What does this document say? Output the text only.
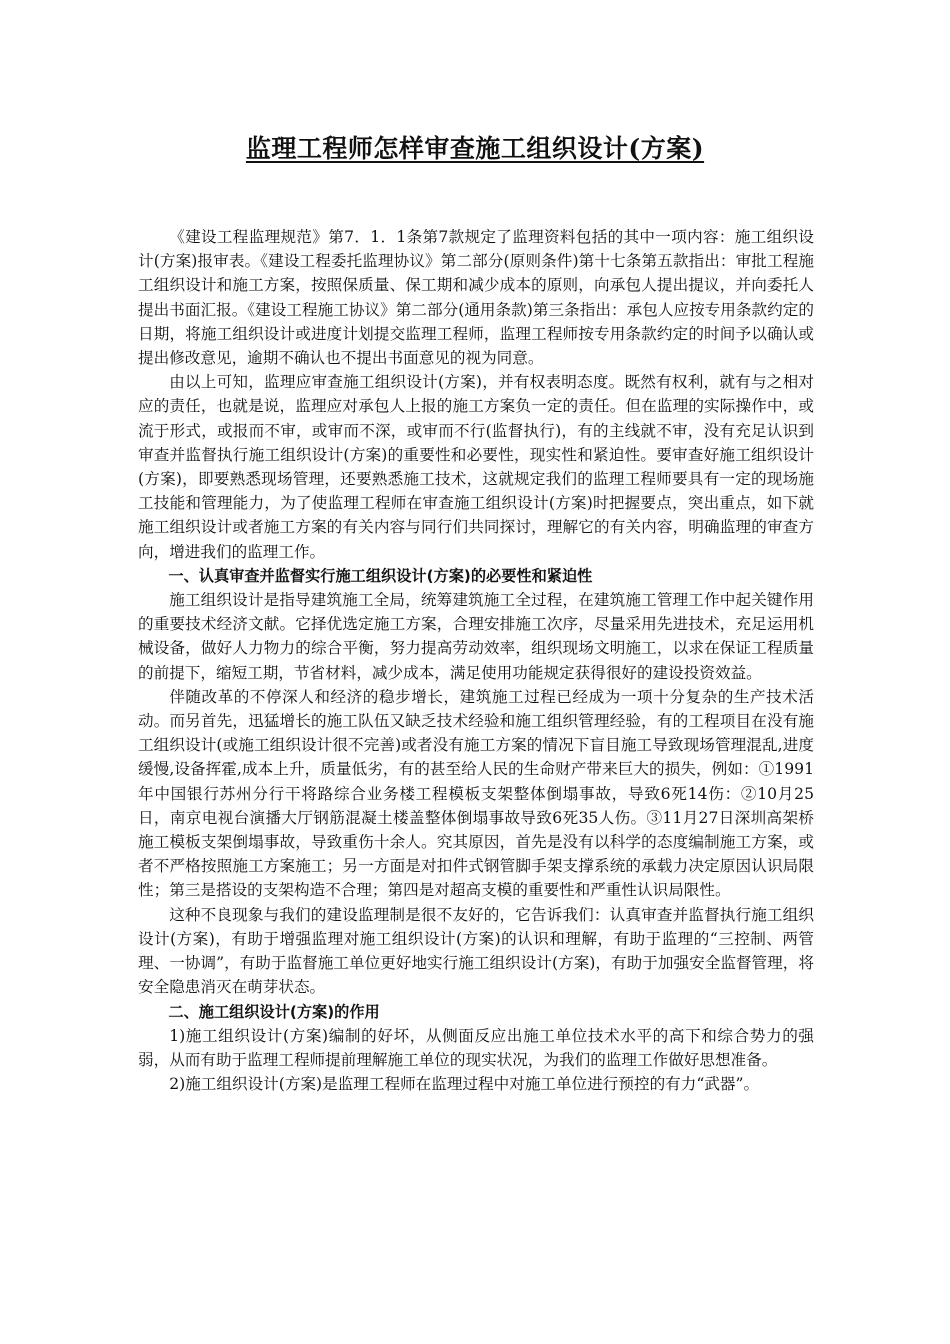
监理工程师怎样审查施工组织设计(方案)

《建设工程监理规范》第7．1．1条第7款规定了监理资料包括的其中一项内容：施工组织设计(方案)报审表。《建设工程委托监理协议》第二部分(原则条件)第十七条第五款指出：审批工程施工组织设计和施工方案，按照保质量、保工期和减少成本的原则，向承包人提出提议，并向委托人提出书面汇报。《建设工程施工协议》第二部分(通用条款)第三条指出：承包人应按专用条款约定的日期，将施工组织设计或进度计划提交监理工程师，监理工程师按专用条款约定的时间予以确认或提出修改意见，逾期不确认也不提出书面意见的视为同意。

由以上可知，监理应审查施工组织设计(方案)，并有权表明态度。既然有权利，就有与之相对应的责任，也就是说，监理应对承包人上报的施工方案负一定的责任。但在监理的实际操作中，或流于形式，或报而不审，或审而不深，或审而不行(监督执行)，有的主线就不审，没有充足认识到审查并监督执行施工组织设计(方案)的重要性和必要性，现实性和紧迫性。要审查好施工组织设计(方案)，即要熟悉现场管理，还要熟悉施工技术，这就规定我们的监理工程师要具有一定的现场施工技能和管理能力，为了使监理工程师在审查施工组织设计(方案)时把握要点，突出重点，如下就施工组织设计或者施工方案的有关内容与同行们共同探讨，理解它的有关内容，明确监理的审查方向，增进我们的监理工作。

一、认真审查并监督实行施工组织设计(方案)的必要性和紧迫性

施工组织设计是指导建筑施工全局，统筹建筑施工全过程，在建筑施工管理工作中起关键作用的重要技术经济文献。它择优选定施工方案，合理安排施工次序，尽量采用先进技术，充足运用机械设备，做好人力物力的综合平衡，努力提高劳动效率，组织现场文明施工，以求在保证工程质量的前提下，缩短工期，节省材料，减少成本，满足使用功能规定获得很好的建设投资效益。

伴随改革的不停深人和经济的稳步增长，建筑施工过程已经成为一项十分复杂的生产技术活动。而另首先，迅猛增长的施工队伍又缺乏技术经验和施工组织管理经验，有的工程项目在没有施工组织设计(或施工组织设计很不完善)或者没有施工方案的情况下盲目施工导致现场管理混乱,进度缓慢,设备挥霍,成本上升，质量低劣，有的甚至给人民的生命财产带来巨大的损失，例如：①1991年中国银行苏州分行干将路综合业务楼工程模板支架整体倒塌事故，导致6死14伤：②10月25日，南京电视台演播大厅钢筋混凝土楼盖整体倒塌事故导致6死35人伤。③11月27日深圳高架桥施工模板支架倒塌事故，导致重伤十余人。究其原因，首先是没有以科学的态度编制施工方案，或者不严格按照施工方案施工；另一方面是对扣件式钢管脚手架支撑系统的承载力决定原因认识局限性；第三是搭设的支架构造不合理；第四是对超高支模的重要性和严重性认识局限性。

这种不良现象与我们的建设监理制是很不友好的，它告诉我们：认真审查并监督执行施工组织设计(方案)，有助于增强监理对施工组织设计(方案)的认识和理解，有助于监理的“三控制、两管理、一协调”，有助于监督施工单位更好地实行施工组织设计(方案)，有助于加强安全监督管理，将安全隐患消灭在萌芽状态。

二、施工组织设计(方案)的作用

1)施工组织设计(方案)编制的好坏，从侧面反应出施工单位技术水平的高下和综合势力的强弱，从而有助于监理工程师提前理解施工单位的现实状况，为我们的监理工作做好思想准备。

2)施工组织设计(方案)是监理工程师在监理过程中对施工单位进行预控的有力“武器”。
